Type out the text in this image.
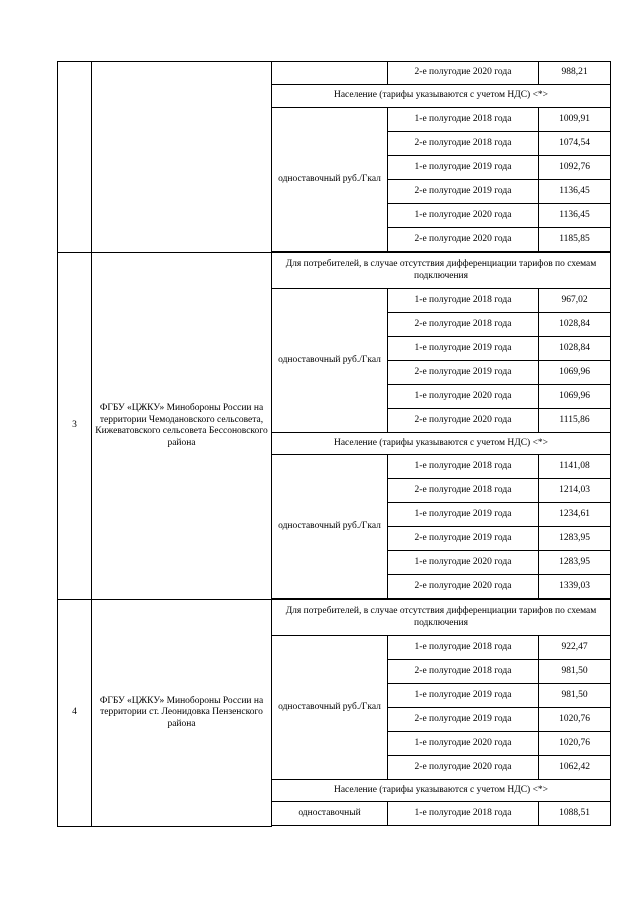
			2-е полугодие 2020 года	988,21
		Население (тарифы указываются с учетом НДС) <*>		
		одноставочный руб./Гкал	1-е полугодие 2018 года	1009,91
			2-е полугодие 2018 года	1074,54
			1-е полугодие 2019 года	1092,76
			2-е полугодие 2019 года	1136,45
			1-е полугодие 2020 года	1136,45
			2-е полугодие 2020 года	1185,85

3	ФГБУ «ЦЖКУ» Минобороны России на территории Чемодановского сельсовета, Кижеватовского сельсовета Бессоновского района	Для потребителей, в случае отсутствия дифференциации тарифов по схемам подключения		
		одноставочный руб./Гкал	1-е полугодие 2018 года	967,02
			2-е полугодие 2018 года	1028,84
			1-е полугодие 2019 года	1028,84
			2-е полугодие 2019 года	1069,96
			1-е полугодие 2020 года	1069,96
			2-е полугодие 2020 года	1115,86
		Население (тарифы указываются с учетом НДС) <*>		
		одноставочный руб./Гкал	1-е полугодие 2018 года	1141,08
			2-е полугодие 2018 года	1214,03
			1-е полугодие 2019 года	1234,61
			2-е полугодие 2019 года	1283,95
			1-е полугодие 2020 года	1283,95
			2-е полугодие 2020 года	1339,03

4	ФГБУ «ЦЖКУ» Минобороны России на территории ст. Леонидовка Пензенского района	Для потребителей, в случае отсутствия дифференциации тарифов по схемам подключения		
		одноставочный руб./Гкал	1-е полугодие 2018 года	922,47
			2-е полугодие 2018 года	981,50
			1-е полугодие 2019 года	981,50
			2-е полугодие 2019 года	1020,76
			1-е полугодие 2020 года	1020,76
			2-е полугодие 2020 года	1062,42
		Население (тарифы указываются с учетом НДС) <*>		
		одноставочный	1-е полугодие 2018 года	1088,51
